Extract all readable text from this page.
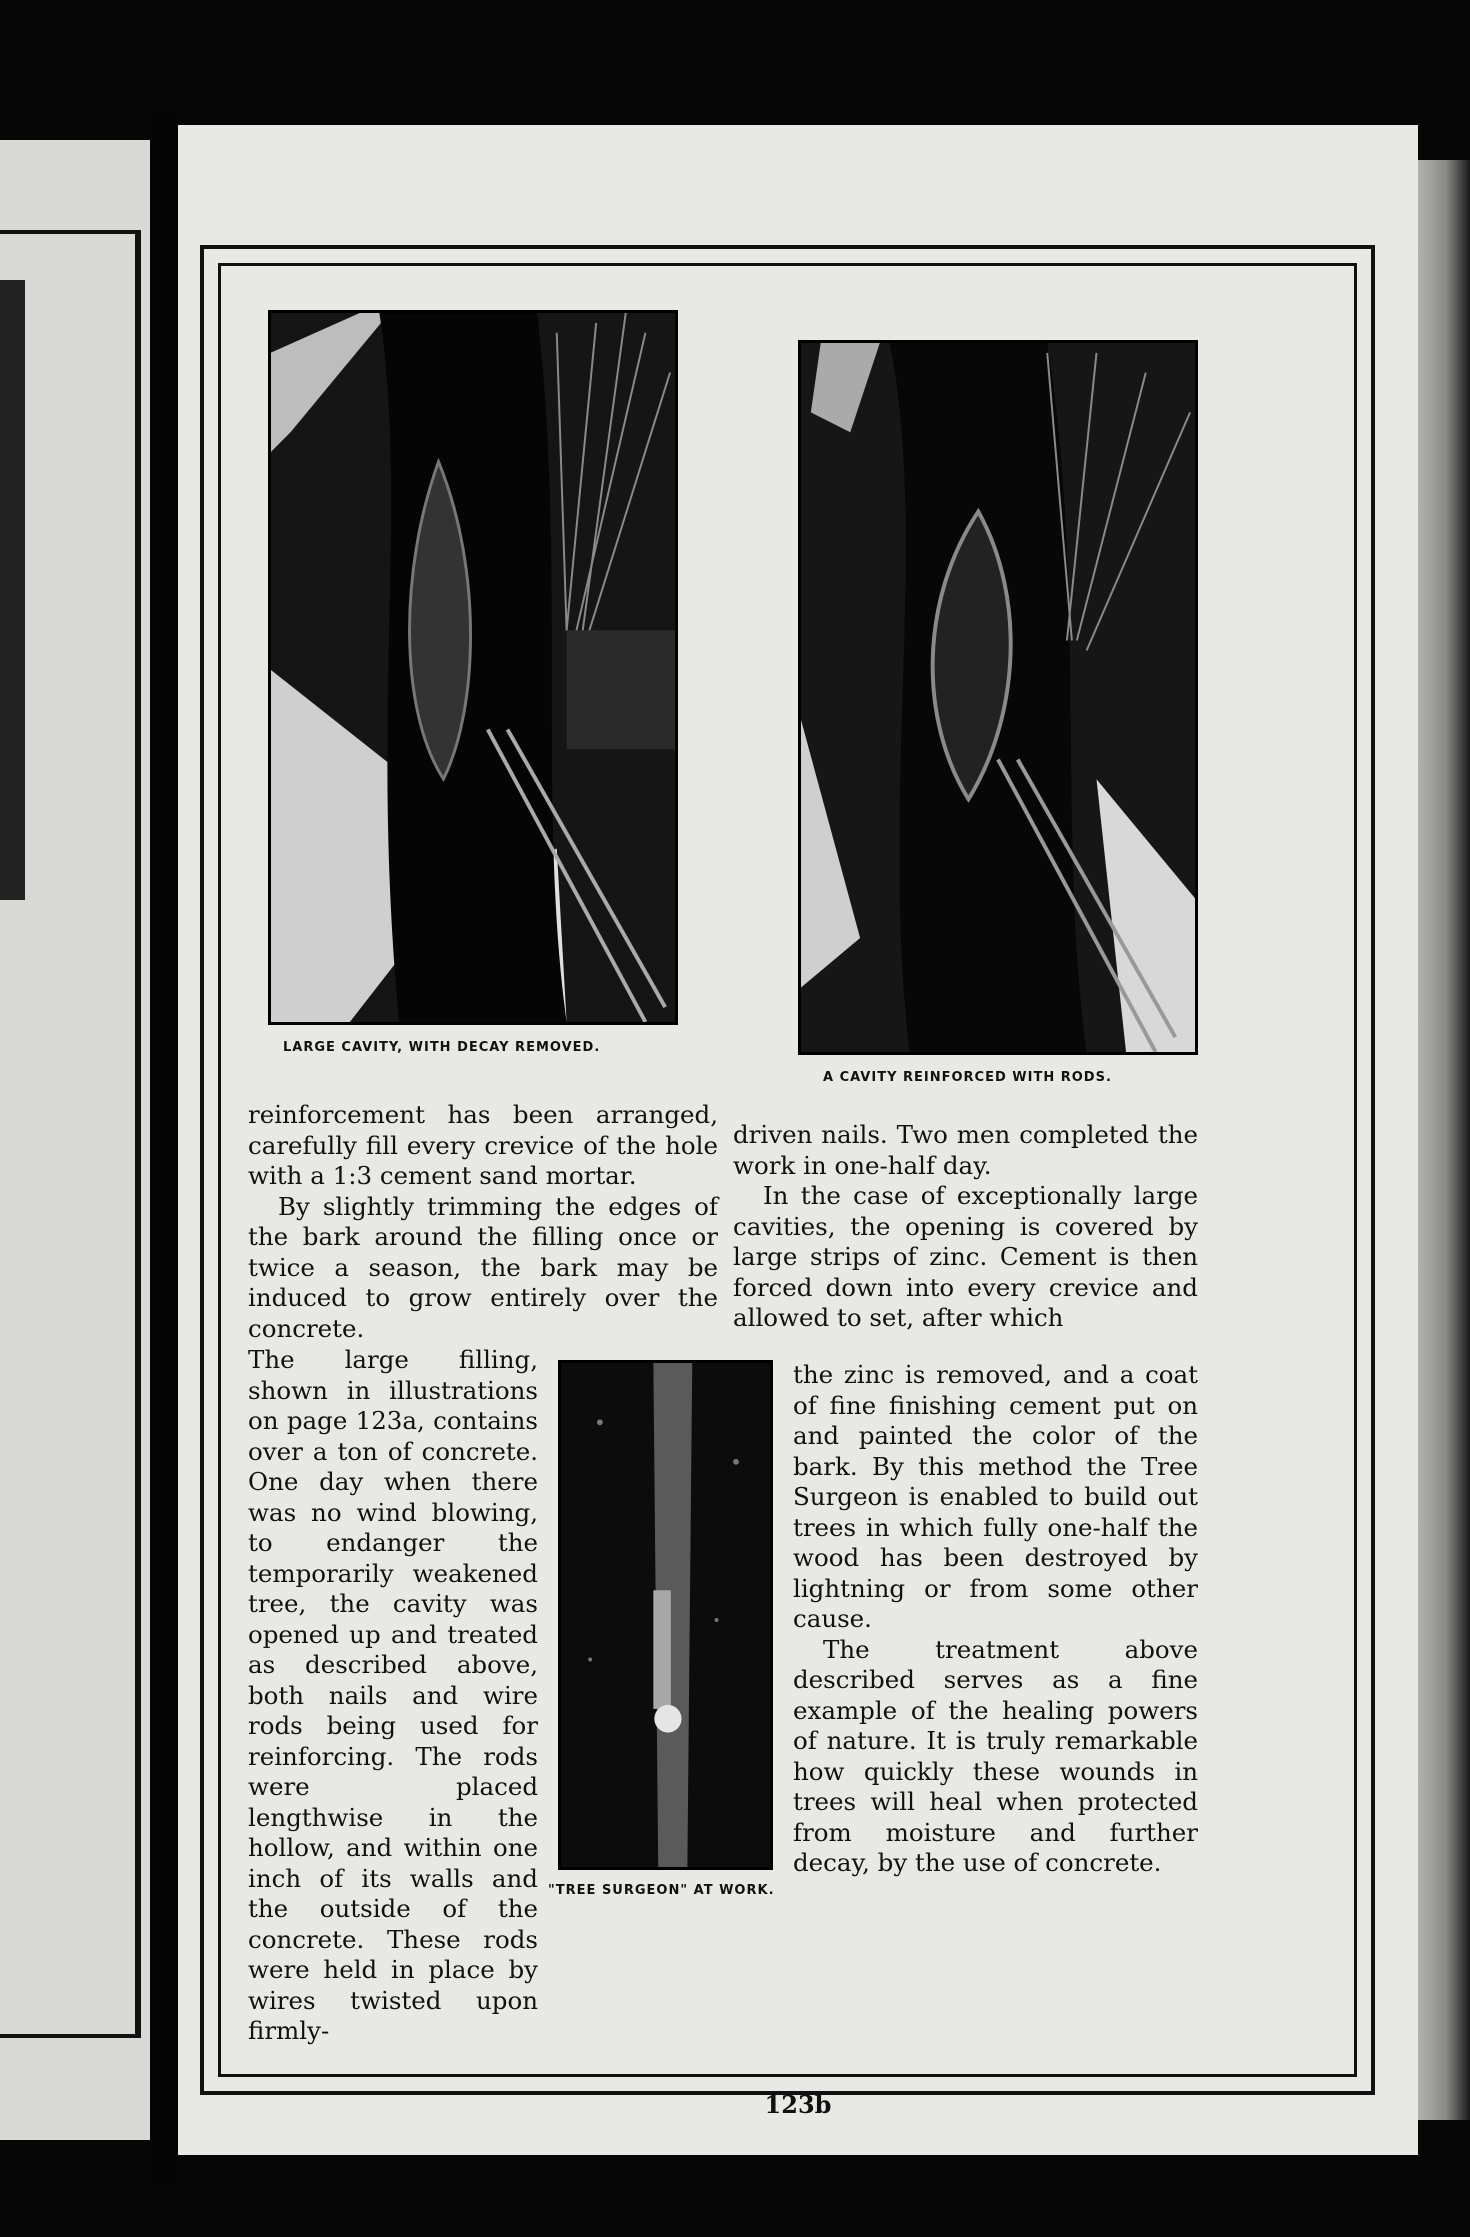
LARGE CAVITY, WITH DECAY REMOVED.
A CAVITY REINFORCED WITH RODS.
"TREE SURGEON" AT WORK.

reinforcement has been arranged, carefully fill every crevice of the hole with a 1:3 cement sand mortar.

By slightly trimming the edges of the bark around the filling once or twice a season, the bark may be induced to grow entirely over the concrete.

The large filling, shown in illustrations on page 123a, contains over a ton of concrete. One day when there was no wind blowing, to endanger the temporarily weakened tree, the cavity was opened up and treated as described above, both nails and wire rods being used for reinforcing. The rods were placed lengthwise in the hollow, and within one inch of its walls and the outside of the concrete. These rods were held in place by wires twisted upon firmly-

driven nails. Two men completed the work in one-half day.

In the case of exceptionally large cavities, the opening is covered by large strips of zinc. Cement is then forced down into every crevice and allowed to set, after which

the zinc is removed, and a coat of fine finishing cement put on and painted the color of the bark. By this method the Tree Surgeon is enabled to build out trees in which fully one-half the wood has been destroyed by lightning or from some other cause.

The treatment above described serves as a fine example of the healing powers of nature. It is truly remarkable how quickly these wounds in trees will heal when protected from moisture and further decay, by the use of concrete.

123b
